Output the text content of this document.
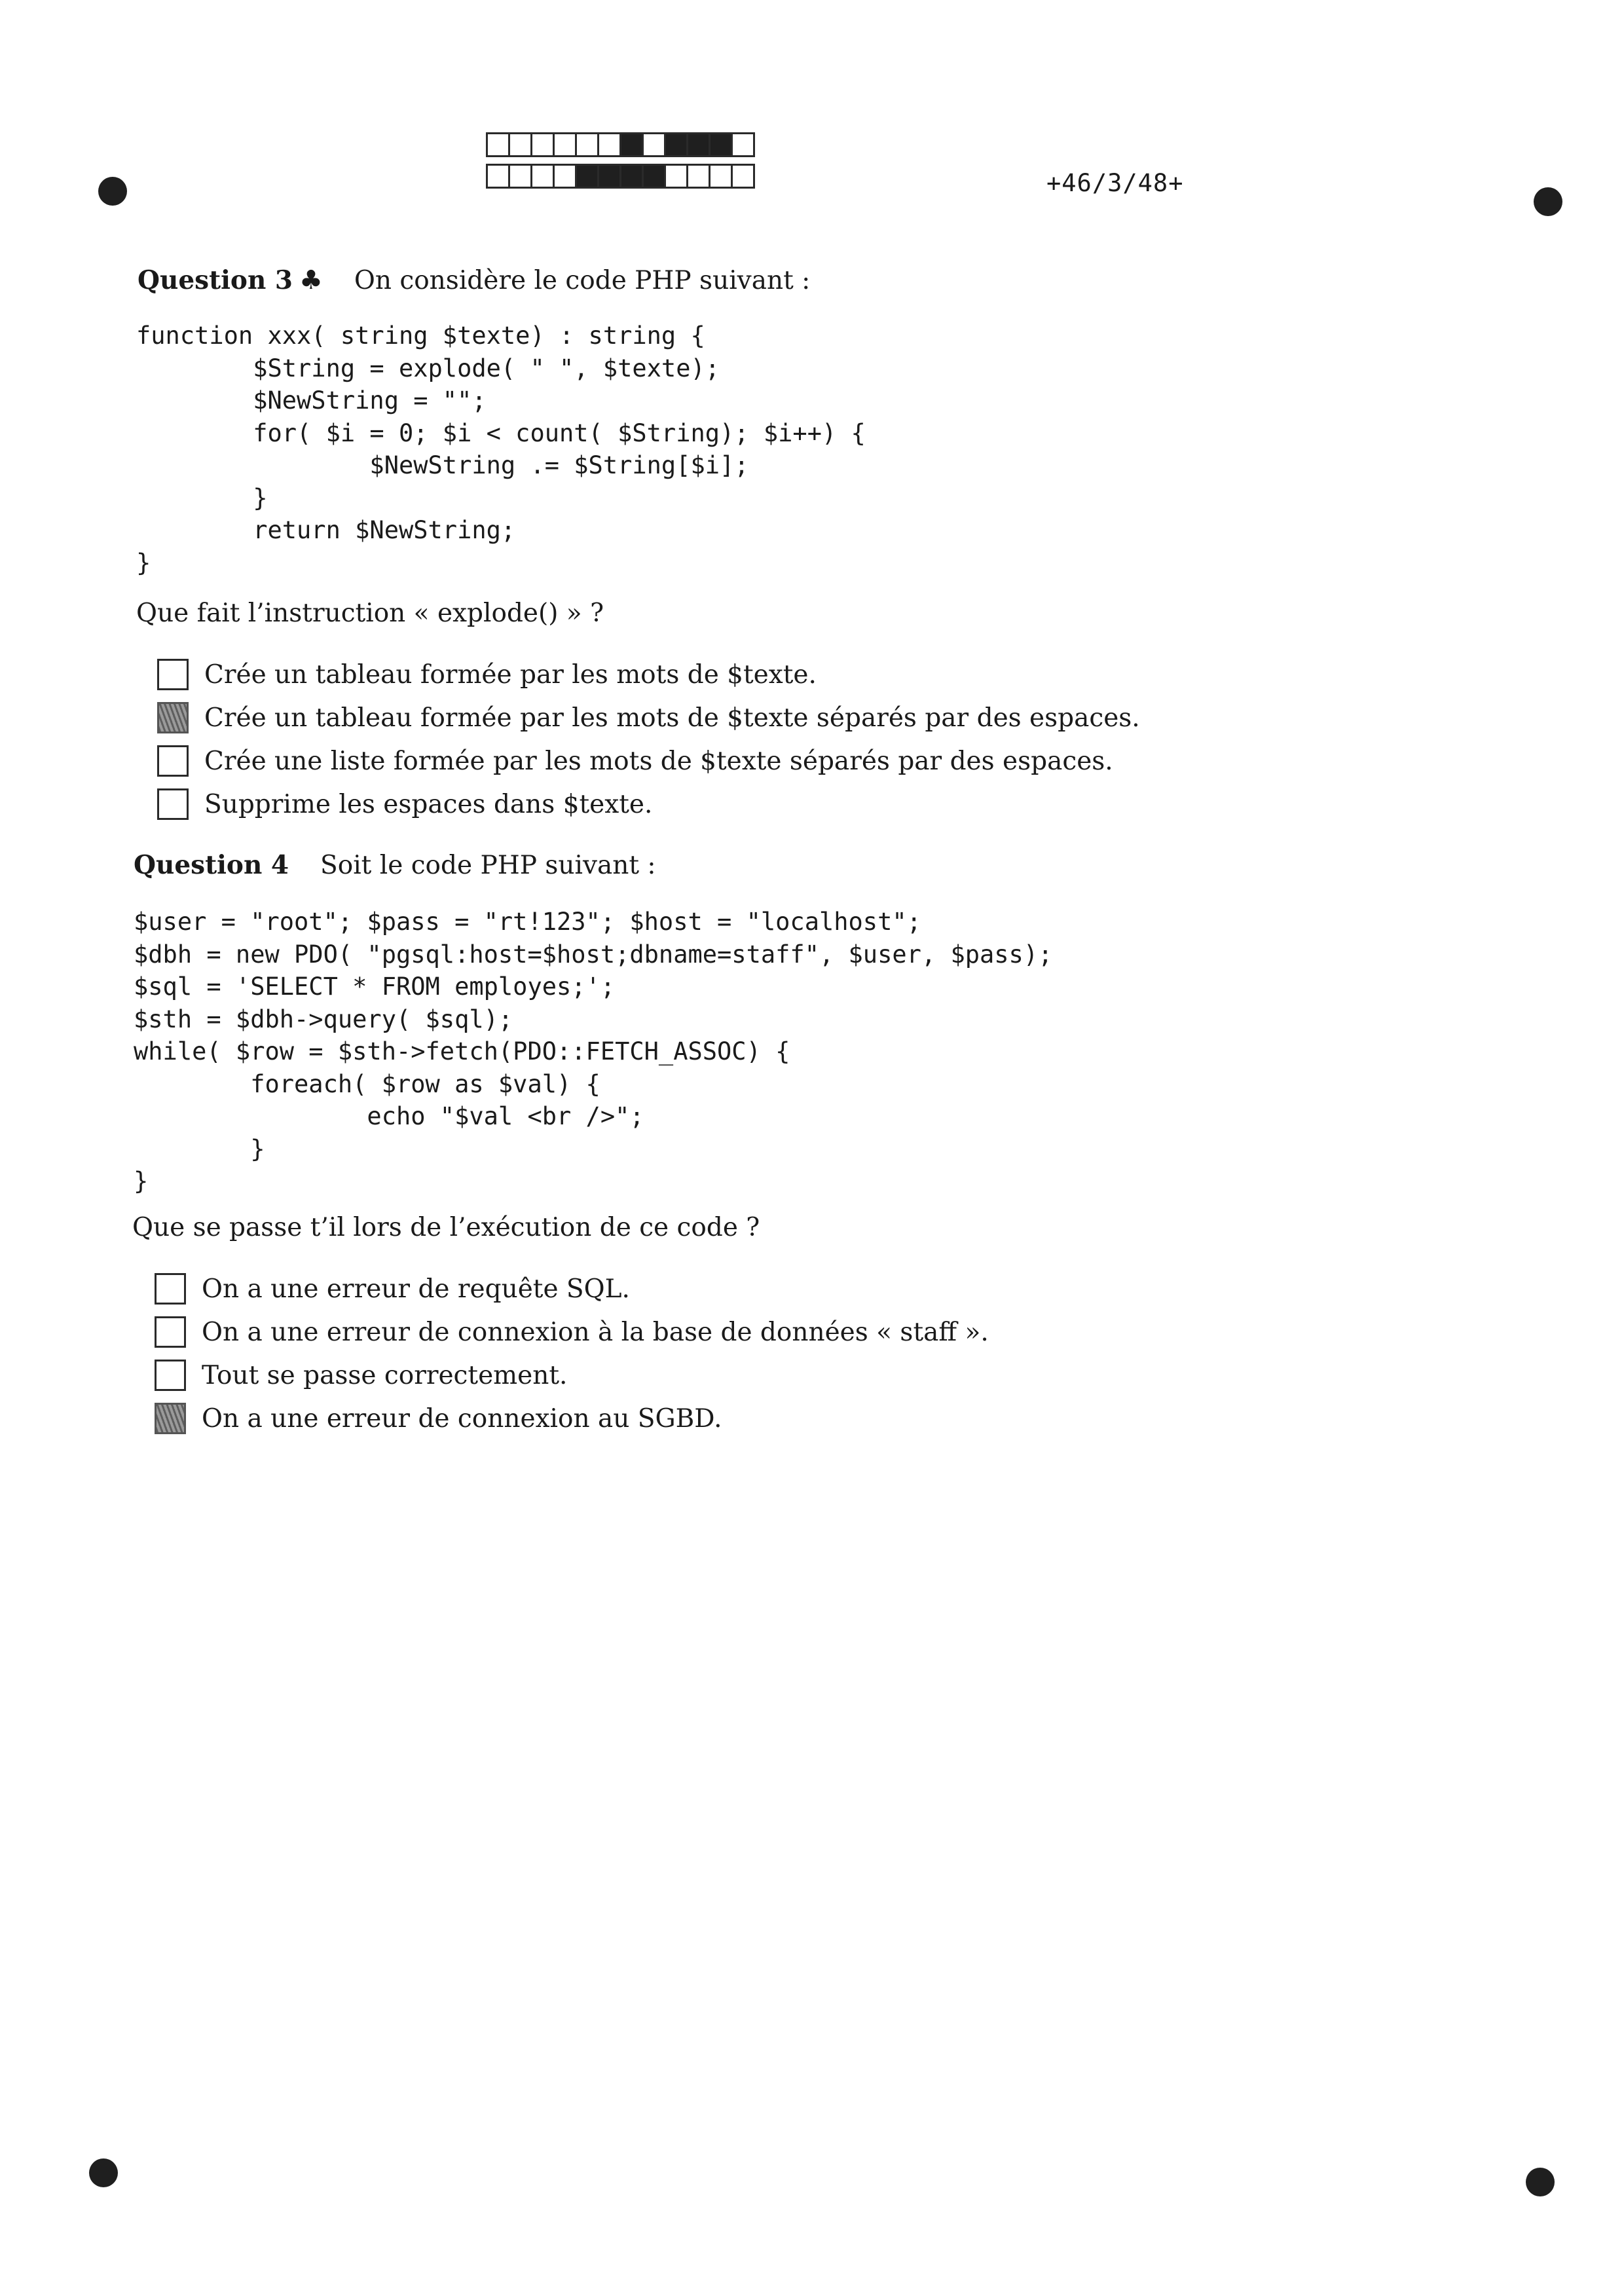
+46/3/48+
Question 3 ♣ On considère le code PHP suivant :
function xxx( string $texte) : string {
$String = explode( " ", $texte);
$NewString = "";
for( $i = 0; $i < count( $String); $i++) {
$NewString .= $String[$i];
}
return $NewString;
}
Que fait l’instruction « explode() » ?
Crée un tableau formée par les mots de $texte.
Crée un tableau formée par les mots de $texte séparés par des espaces.
Crée une liste formée par les mots de $texte séparés par des espaces.
Supprime les espaces dans $texte.
Question 4 Soit le code PHP suivant :
$user = "root"; $pass = "rt!123"; $host = "localhost";
$dbh = new PDO( "pgsql:host=$host;dbname=staff", $user, $pass);
$sql = 'SELECT * FROM employes;';
$sth = $dbh->query( $sql);
while( $row = $sth->fetch(PDO::FETCH_ASSOC) {
foreach( $row as $val) {
echo "$val <br />";
}
}
Que se passe t’il lors de l’exécution de ce code ?
On a une erreur de requête SQL.
On a une erreur de connexion à la base de données « staff ».
Tout se passe correctement.
On a une erreur de connexion au SGBD.
